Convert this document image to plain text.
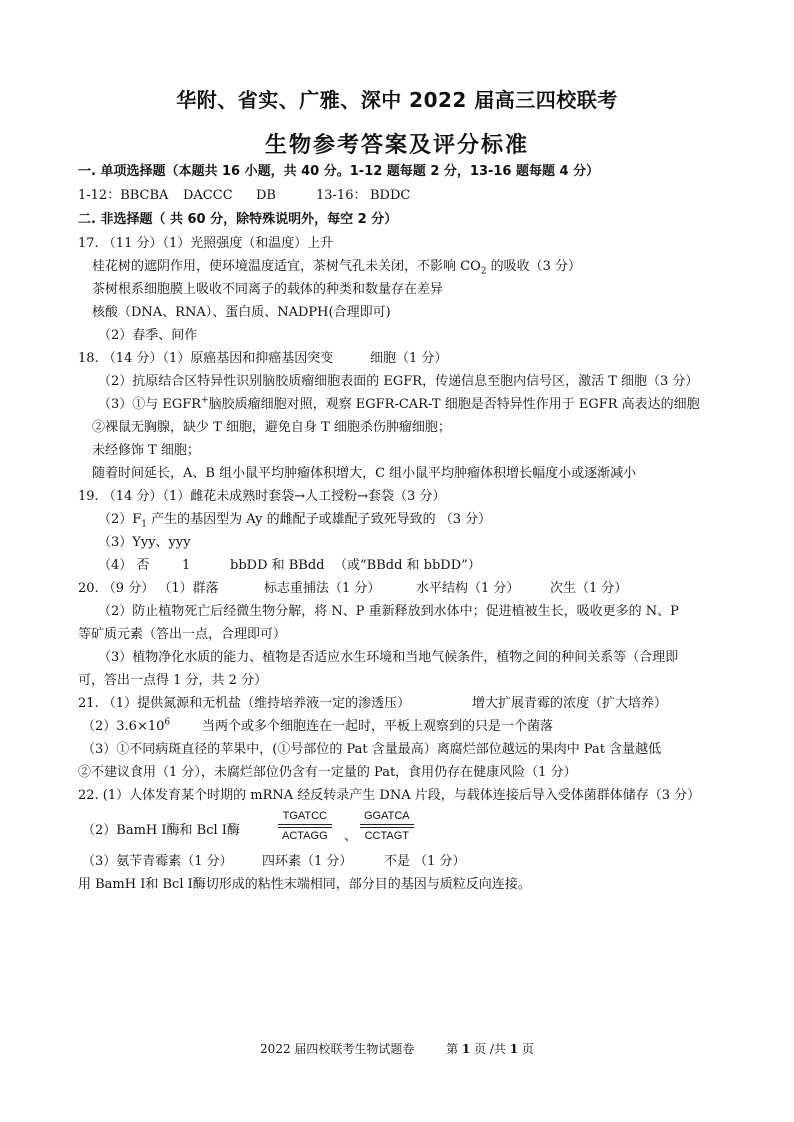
华附、省实、广雅、深中 2022 届高三四校联考
生物参考答案及评分标准
一. 单项选择题（本题共 16 小题，共 40 分。1-12 题每题 2 分，13-16 题每题 4 分）
1-12：BBCBA DACCC DB	13-16： BDDC
二. 非选择题（ 共 60 分，除特殊说明外，每空 2 分）
17. （11 分）（1）光照强度（和温度）上升
桂花树的遮阴作用，使环境温度适宜，茶树气孔未关闭，不影响 $CO_2$ 的吸收（3 分）
茶树根系细胞膜上吸收不同离子的载体的种类和数量存在差异
核酸（DNA、RNA）、蛋白质、NADPH(合理即可)
（2）春季、间作
18. （14 分）（1）原癌基因和抑癌基因突变	细胞（1 分）
（2）抗原结合区特异性识别脑胶质瘤细胞表面的 EGFR，传递信息至胞内信号区，激活 T 细胞（3 分）
（3）①与 EGFR+脑胶质瘤细胞对照，观察 EGFR-CAR-T 细胞是否特异性作用于 EGFR 高表达的细胞
②裸鼠无胸腺，缺少 T 细胞，避免自身 T 细胞杀伤肿瘤细胞；
未经修饰 T 细胞；
随着时间延长，A、B 组小鼠平均肿瘤体积增大，C 组小鼠平均肿瘤体积增长幅度小或逐渐减小
19. （14 分）（1）雌花未成熟时套袋→人工授粉→套袋（3 分）
$(2)F_1$ 产生的基因型为 Ay 的雌配子或雄配子致死导致的 （3 分）
（3）Yyy、yyy
（4） 否	1	bbDD 和 BBdd （或“BBdd 和 bbDD”）
20. （9 分） （1）群落	标志重捕法（1 分）	水平结构（1 分） 次生（1 分）
（2）防止植物死亡后经微生物分解，将 N、P 重新释放到水体中；促进植被生长，吸收更多的 N、P
等矿质元素（答出一点，合理即可）
（3）植物净化水质的能力、植物是否适应水生环境和当地气候条件，植物之间的种间关系等（合理即
可，答出一点得 1 分，共 2 分）
21. （1）提供氮源和无机盐（维持培养液一定的渗透压）	增大扩展青霉的浓度（扩大培养）
$(2)3.6\times 10^6$ 当两个或多个细胞连在一起时，平板上观察到的只是一个菌落
（3）①不同病斑直径的苹果中，(①号部位的 Pat 含量最高）离腐烂部位越远的果肉中 Pat 含量越低
②不建议食用（1 分），未腐烂部位仍含有一定量的 Pat，食用仍存在健康风险（1 分）
22. (1）人体发育某个时期的 mRNA 经反转录产生 DNA 片段，与载体连接后导入受体菌群体储存（3 分）
（2）BamH I酶和 Bcl I酶
TGATCC
ACTAGG	、
GGATCA
CCTAGT
（3）氨苄青霉素（1 分） 四环素（1 分） 不是 （1 分）
用 BamH I和 Bcl I酶切形成的粘性末端相同，部分目的基因与质粒反向连接。
2022 届四校联考生物试题卷	第 1 页 /共 1 页
